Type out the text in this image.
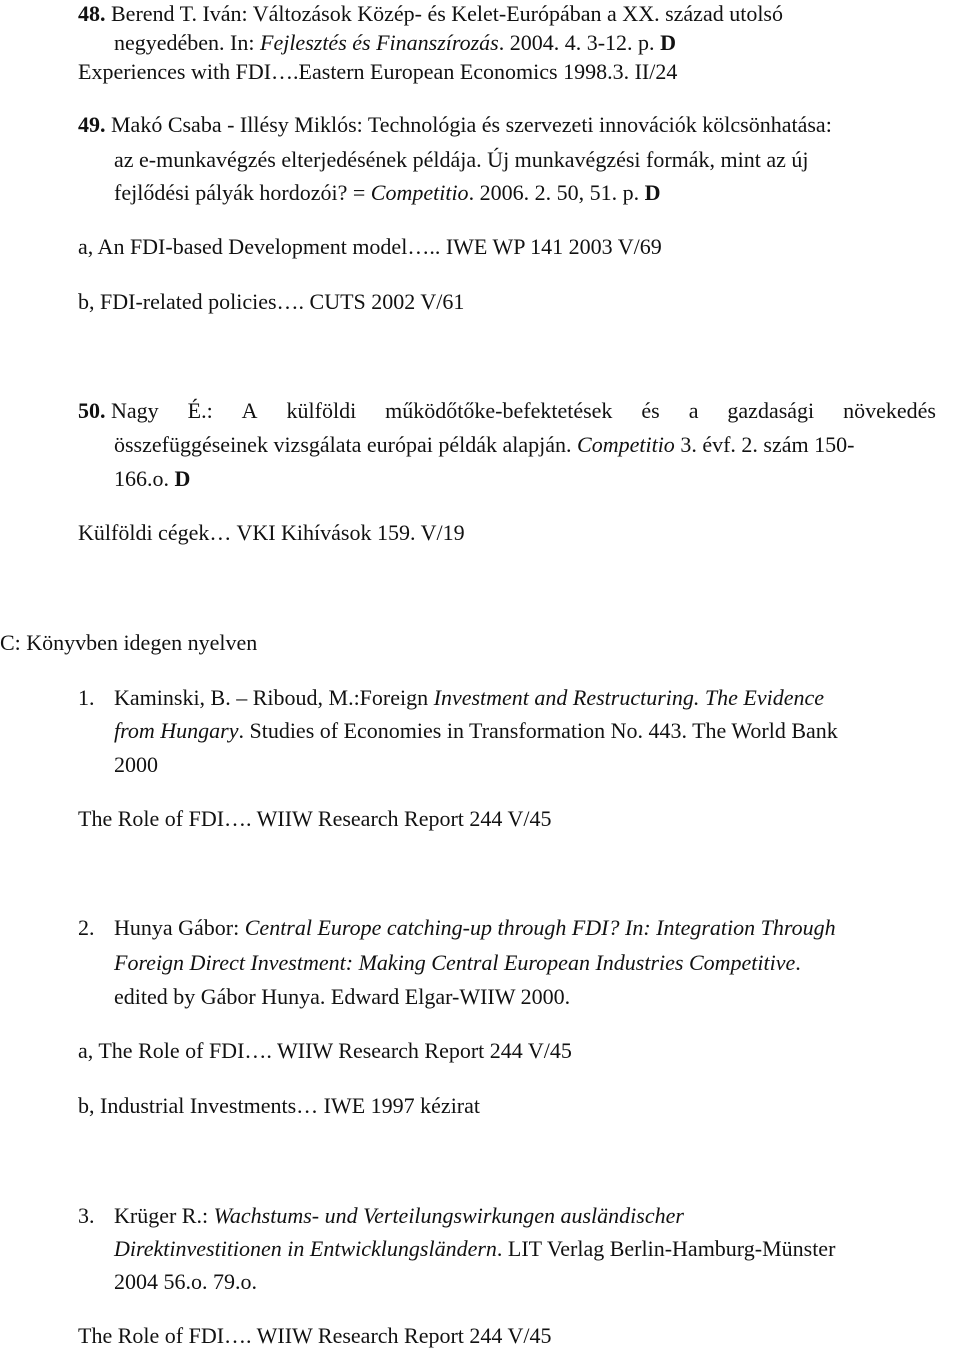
48. Berend T. Iván: Változások Közép- és Kelet-Európában a XX. század utolsó
negyedében. In: Fejlesztés és Finanszírozás. 2004. 4. 3-12. p. D
Experiences with FDI….Eastern European Economics 1998.3. II/24
49. Makó Csaba - Illésy Miklós: Technológia és szervezeti innovációk kölcsönhatása:
az e-munkavégzés elterjedésének példája. Új munkavégzési formák, mint az új
fejlődési pályák hordozói? = Competitio. 2006. 2. 50, 51. p. D
a, An FDI-based Development model….. IWE WP 141 2003 V/69
b, FDI-related policies…. CUTS 2002 V/61
50. Nagy É.: A külföldi működőtőke-befektetések és a gazdasági növekedés
összefüggéseinek vizsgálata európai példák alapján. Competitio 3. évf. 2. szám 150-
166.o. D
Külföldi cégek… VKI Kihívások 159. V/19
C: Könyvben idegen nyelven
1. Kaminski, B. – Riboud, M.:Foreign Investment and Restructuring. The Evidence
from Hungary. Studies of Economies in Transformation No. 443. The World Bank
2000
The Role of FDI…. WIIW Research Report 244 V/45
2. Hunya Gábor: Central Europe catching-up through FDI? In: Integration Through
Foreign Direct Investment: Making Central European Industries Competitive.
edited by Gábor Hunya. Edward Elgar-WIIW 2000.
a, The Role of FDI…. WIIW Research Report 244 V/45
b, Industrial Investments… IWE 1997 kézirat
3. Krüger R.: Wachstums- und Verteilungswirkungen ausländischer
Direktinvestitionen in Entwicklungsländern. LIT Verlag Berlin-Hamburg-Münster
2004 56.o. 79.o.
The Role of FDI…. WIIW Research Report 244 V/45
